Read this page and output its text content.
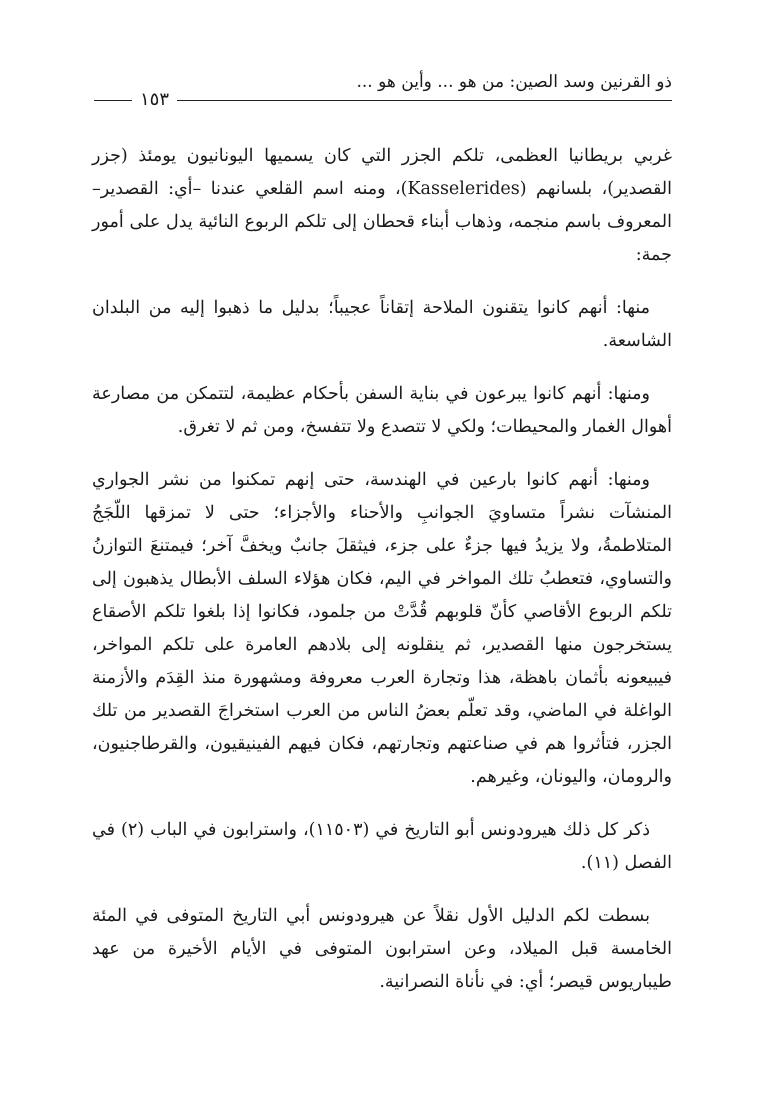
ذو القرنين وسد الصين: من هو ... وأين هو ...
١٥٣

غربي بريطانيا العظمى، تلكم الجزر التي كان يسميها اليونانيون يومئذ (جزر القصدير)، بلسانهم (Kasselerides)، ومنه اسم القلعي عندنا –أي: القصدير– المعروف باسم منجمه، وذهاب أبناء قحطان إلى تلكم الربوع النائية يدل على أمور جمة:

منها: أنهم كانوا يتقنون الملاحة إتقاناً عجيباً؛ بدليل ما ذهبوا إليه من البلدان الشاسعة.

ومنها: أنهم كانوا يبرعون في بناية السفن بأحكام عظيمة، لتتمكن من مصارعة أهوال الغمار والمحيطات؛ ولكي لا تتصدع ولا تتفسخ، ومن ثم لا تغرق.

ومنها: أنهم كانوا بارعين في الهندسة، حتى إنهم تمكنوا من نشر الجواري المنشآت نشراً متساويَ الجوانبِ والأحناء والأجزاء؛ حتى لا تمزقها اللّجَجُ المتلاطمةُ، ولا يزيدُ فيها جزءٌ على جزء، فيثقلَ جانبٌ ويخفَّ آخر؛ فيمتنعَ التوازنُ والتساوي، فتعطبُ تلك المواخر في اليم، فكان هؤلاء السلف الأبطال يذهبون إلى تلكم الربوع الأقاصي كأنّ قلوبهم قُدَّتْ من جلمود، فكانوا إذا بلغوا تلكم الأصقاع يستخرجون منها القصدير، ثم ينقلونه إلى بلادهم العامرة على تلكم المواخر، فيبيعونه بأثمان باهظة، هذا وتجارة العرب معروفة ومشهورة منذ القِدَم والأزمنة الواغلة في الماضي، وقد تعلّم بعضُ الناس من العرب استخراجَ القصدير من تلك الجزر، فتأثروا هم في صناعتهم وتجارتهم، فكان فيهم الفينيقيون، والقرطاجنيون، والرومان، واليونان، وغيرهم.

ذكر كل ذلك هيرودونس أبو التاريخ في (١١٥٠٣)، واسترابون في الباب (٢) في الفصل (١١).

بسطت لكم الدليل الأول نقلاً عن هيرودونس أبي التاريخ المتوفى في المئة الخامسة قبل الميلاد، وعن استرابون المتوفى في الأيام الأخيرة من عهد طيباريوس قيصر؛ أي: في نأناة النصرانية.
